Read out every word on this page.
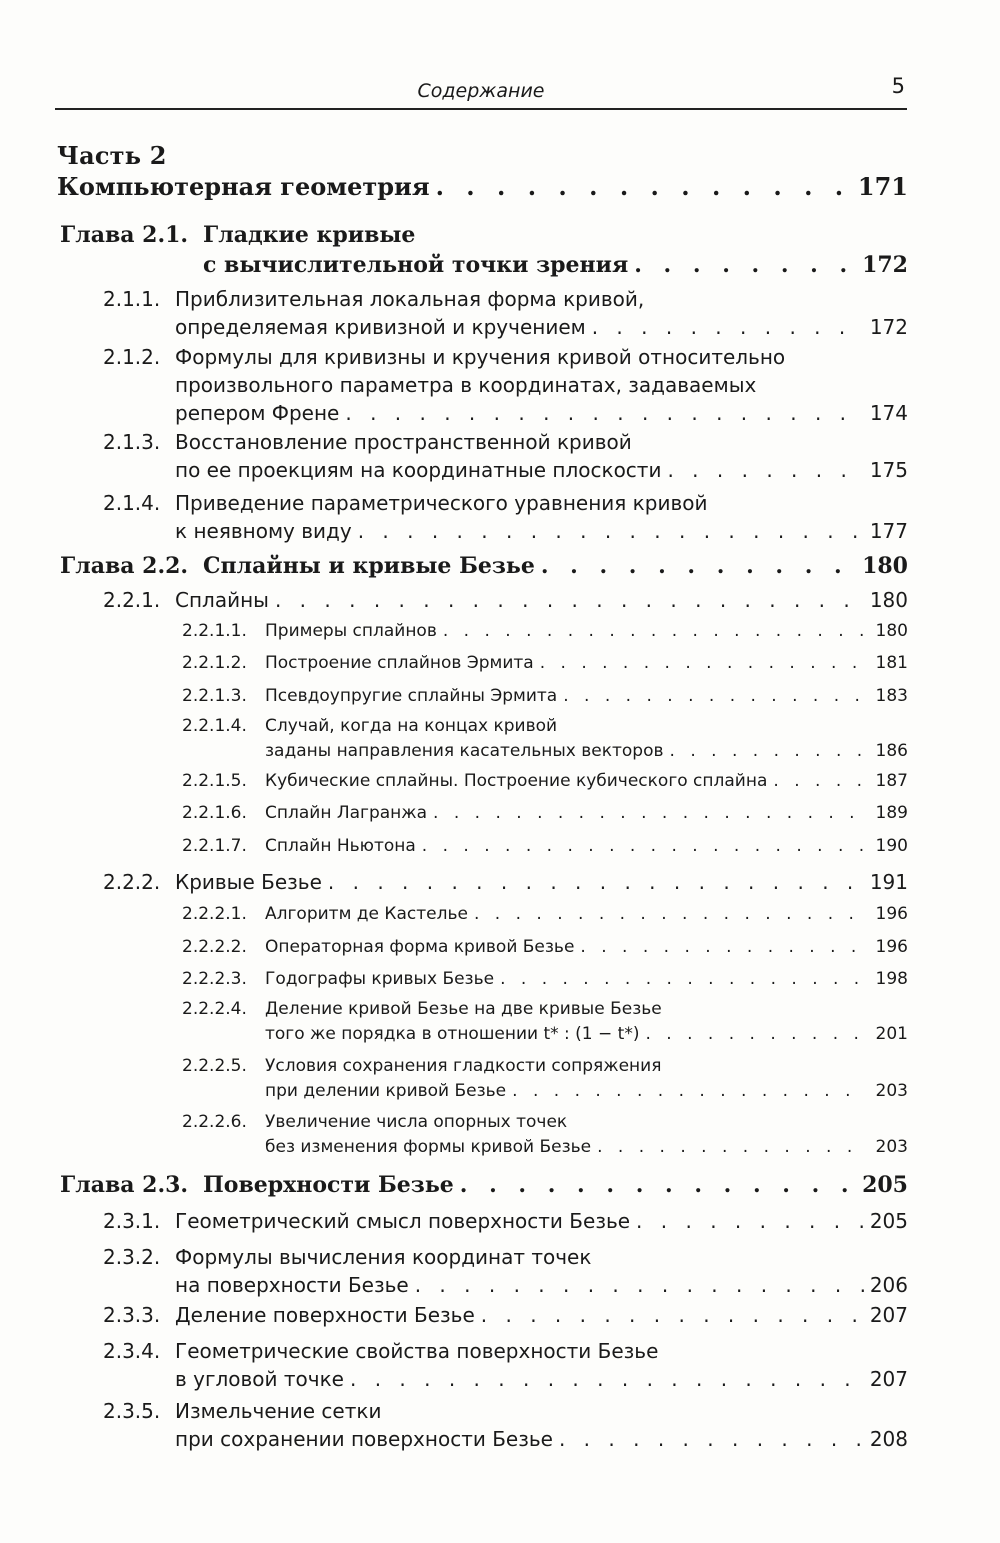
Содержание	5
Часть 2
Компьютерная геометрия . . .	171
Глава 2.1. Гладкие кривые
с вычислительной точки зрения . . .	172
2.1.1. Приблизительная локальная форма кривой,
определяемая кривизной и кручением . . .	172
2.1.2. Формулы для кривизны и кручения кривой относительно
произвольного параметра в координатах, задаваемых
репером Френе . . .	174
2.1.3. Восстановление пространственной кривой
по ее проекциям на координатные плоскости . . .	175
2.1.4. Приведение параметрического уравнения кривой
к неявному виду . . .	177
Глава 2.2. Сплайны и кривые Безье . . .	180
2.2.1. Сплайны . . .	180
2.2.1.1. Примеры сплайнов . . .	180
2.2.1.2. Построение сплайнов Эрмита . . .	181
2.2.1.3. Псевдоупругие сплайны Эрмита . . .	183
2.2.1.4. Случай, когда на концах кривой
заданы направления касательных векторов . . .	186
2.2.1.5. Кубические сплайны. Построение кубического сплайна . . .	187
2.2.1.6. Сплайн Лагранжа . . .	189
2.2.1.7. Сплайн Ньютона . . .	190
2.2.2. Кривые Безье . . .	191
2.2.2.1. Алгоритм де Кастелье . . .	196
2.2.2.2. Операторная форма кривой Безье . . .	196
2.2.2.3. Годографы кривых Безье . . .	198
2.2.2.4. Деление кривой Безье на две кривые Безье
того же порядка в отношении t* : (1 − t*) . . .	201
2.2.2.5. Условия сохранения гладкости сопряжения
при делении кривой Безье . . .	203
2.2.2.6. Увеличение числа опорных точек
без изменения формы кривой Безье . . .	203
Глава 2.3. Поверхности Безье . . .	205
2.3.1. Геометрический смысл поверхности Безье . . .	205
2.3.2. Формулы вычисления координат точек
на поверхности Безье . . .	206
2.3.3. Деление поверхности Безье . . .	207
2.3.4. Геометрические свойства поверхности Безье
в угловой точке . . .	207
2.3.5. Измельчение сетки
при сохранении поверхности Безье . . .	208
